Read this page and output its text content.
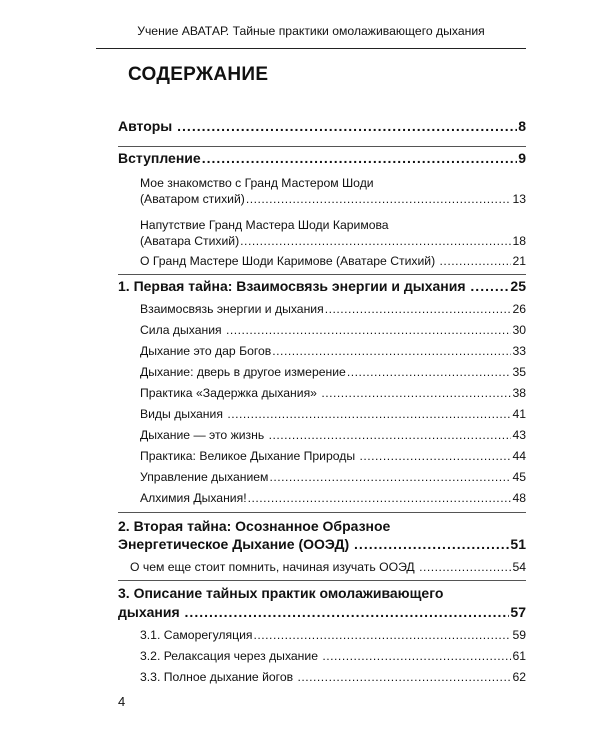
Учение АВАТАР. Тайные практики омолаживающего дыхания
СОДЕРЖАНИЕ
Авторы .....	8
Вступление .....	9
Мое знакомство с Гранд Мастером Шоди
(Аватаром стихий) .....	13
Напутствие Гранд Мастера Шоди Каримова
(Аватара Стихий) .....	18
О Гранд Мастере Шоди Каримове (Аватаре Стихий) .....	21
1. Первая тайна: Взаимосвязь энергии и дыхания .....	25
Взаимосвязь энергии и дыхания .....	26
Сила дыхания .....	30
Дыхание это дар Богов .....	33
Дыхание: дверь в другое измерение .....	35
Практика «Задержка дыхания» .....	38
Виды дыхания .....	41
Дыхание — это жизнь .....	43
Практика: Великое Дыхание Природы .....	44
Управление дыханием .....	45
Алхимия Дыхания! .....	48
2. Вторая тайна: Осознанное Образное
Энергетическое Дыхание (ООЭД) .....	51
О чем еще стоит помнить, начиная изучать ООЭД .....	54
3. Описание тайных практик омолаживающего
дыхания .....	57
3.1. Саморегуляция .....	59
3.2. Релаксация через дыхание .....	61
3.3. Полное дыхание йогов .....	62
4
